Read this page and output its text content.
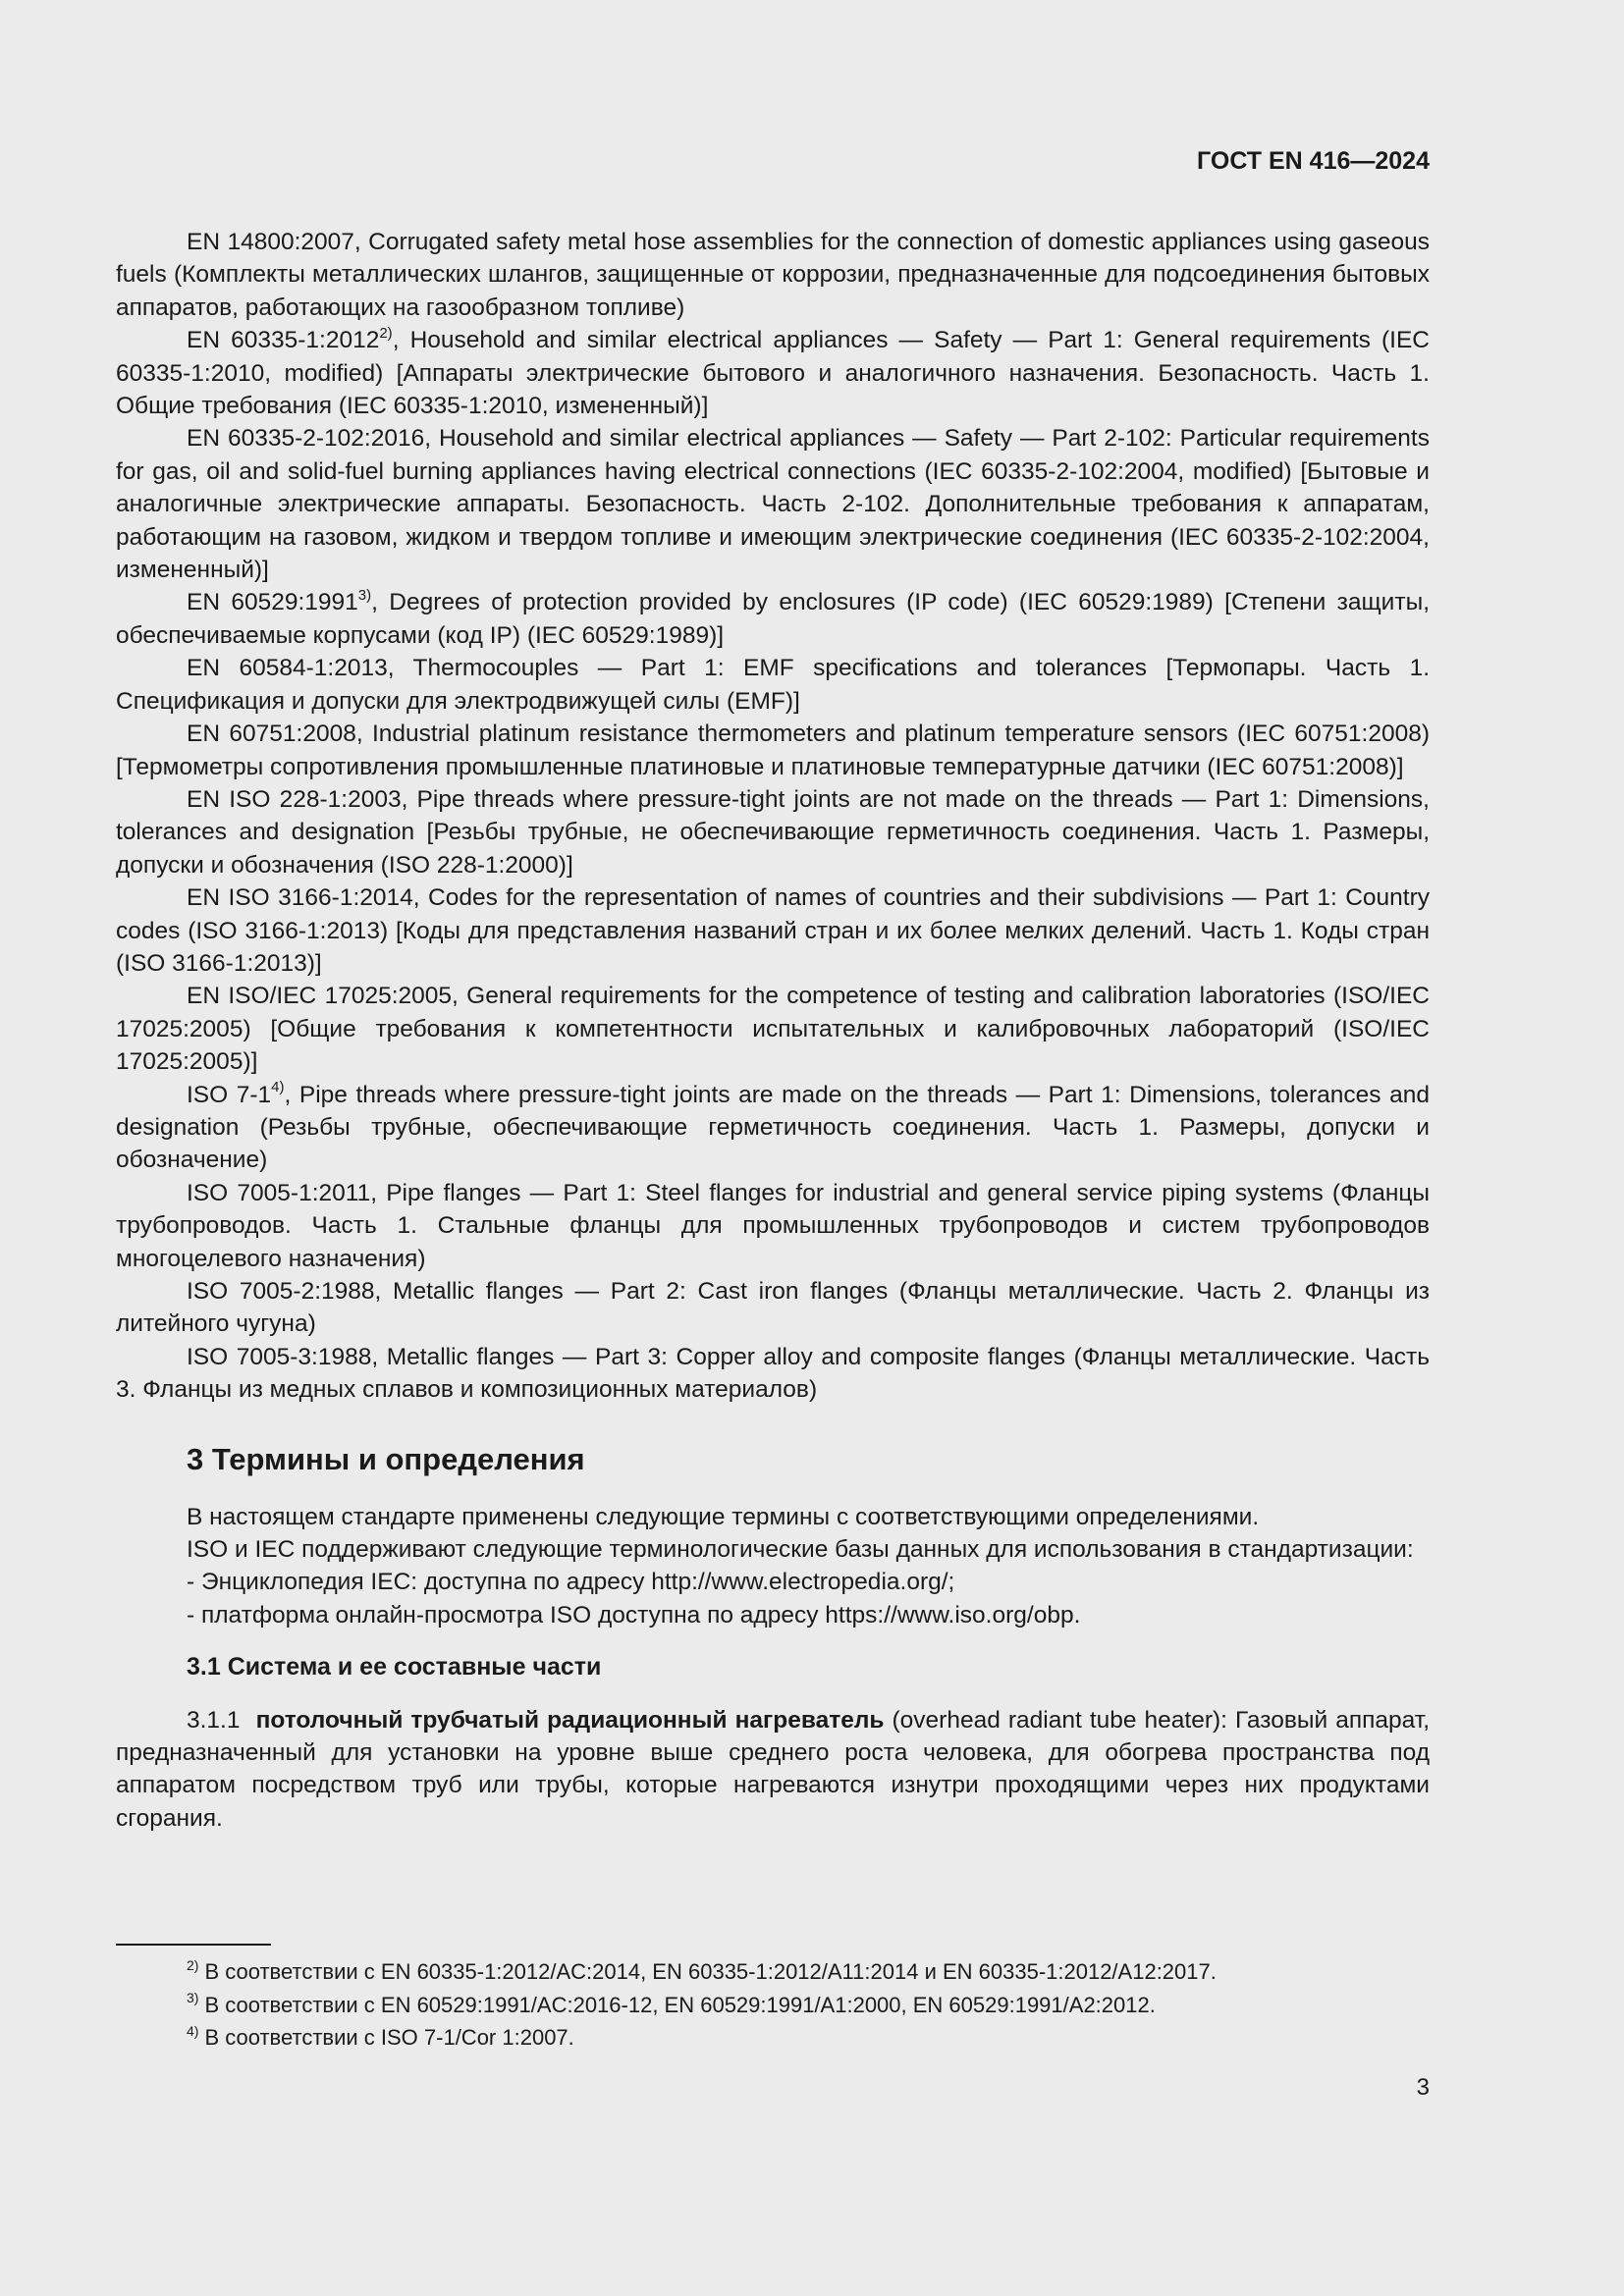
ГОСТ EN 416—2024

EN 14800:2007, Corrugated safety metal hose assemblies for the connection of domestic appliances using gaseous fuels (Комплекты металлических шлангов, защищенные от коррозии, предназначенные для подсоединения бытовых аппаратов, работающих на газообразном топливе)

EN 60335-1:2012$^{2)}$, Household and similar electrical appliances — Safety — Part 1: General requirements (IEC 60335-1:2010, modified) [Аппараты электрические бытового и аналогичного назначения. Безопасность. Часть 1. Общие требования (IEC 60335-1:2010, измененный)]

EN 60335-2-102:2016, Household and similar electrical appliances — Safety — Part 2-102: Particular requirements for gas, oil and solid-fuel burning appliances having electrical connections (IEC 60335-2-102:2004, modified) [Бытовые и аналогичные электрические аппараты. Безопасность. Часть 2-102. Дополнительные требования к аппаратам, работающим на газовом, жидком и твердом топливе и имеющим электрические соединения (IEC 60335-2-102:2004, измененный)]

EN 60529:1991$^{3)}$, Degrees of protection provided by enclosures (IP code) (IEC 60529:1989) [Степени защиты, обеспечиваемые корпусами (код IP) (IEC 60529:1989)]

EN 60584-1:2013, Thermocouples — Part 1: EMF specifications and tolerances [Термопары. Часть 1. Спецификация и допуски для электродвижущей силы (EMF)]

EN 60751:2008, Industrial platinum resistance thermometers and platinum temperature sensors (IEC 60751:2008) [Термометры сопротивления промышленные платиновые и платиновые температурные датчики (IEC 60751:2008)]

EN ISO 228-1:2003, Pipe threads where pressure-tight joints are not made on the threads — Part 1: Dimensions, tolerances and designation [Резьбы трубные, не обеспечивающие герметичность соединения. Часть 1. Размеры, допуски и обозначения (ISO 228-1:2000)]

EN ISO 3166-1:2014, Codes for the representation of names of countries and their subdivisions — Part 1: Country codes (ISO 3166-1:2013) [Коды для представления названий стран и их более мелких делений. Часть 1. Коды стран (ISO 3166-1:2013)]

EN ISO/IEC 17025:2005, General requirements for the competence of testing and calibration laboratories (ISO/IEC 17025:2005) [Общие требования к компетентности испытательных и калибровочных лабораторий (ISO/IEC 17025:2005)]

ISO 7-1$^{4)}$, Pipe threads where pressure-tight joints are made on the threads — Part 1: Dimensions, tolerances and designation (Резьбы трубные, обеспечивающие герметичность соединения. Часть 1. Размеры, допуски и обозначение)

ISO 7005-1:2011, Pipe flanges — Part 1: Steel flanges for industrial and general service piping systems (Фланцы трубопроводов. Часть 1. Стальные фланцы для промышленных трубопроводов и систем трубопроводов многоцелевого назначения)

ISO 7005-2:1988, Metallic flanges — Part 2: Cast iron flanges (Фланцы металлические. Часть 2. Фланцы из литейного чугуна)

ISO 7005-3:1988, Metallic flanges — Part 3: Copper alloy and composite flanges (Фланцы металлические. Часть 3. Фланцы из медных сплавов и композиционных материалов)

3 Термины и определения

В настоящем стандарте применены следующие термины с соответствующими определениями.

ISO и IEC поддерживают следующие терминологические базы данных для использования в стандартизации:

- Энциклопедия IEC: доступна по адресу http://www.electropedia.org/;

- платформа онлайн-просмотра ISO доступна по адресу https://www.iso.org/obp.

3.1 Система и ее составные части

3.1.1 потолочный трубчатый радиационный нагреватель (overhead radiant tube heater): Газовый аппарат, предназначенный для установки на уровне выше среднего роста человека, для обогрева пространства под аппаратом посредством труб или трубы, которые нагреваются изнутри проходящими через них продуктами сгорания.

$^{2)}$ В соответствии с EN 60335-1:2012/AC:2014, EN 60335-1:2012/A11:2014 и EN 60335-1:2012/A12:2017.

$^{3)}$ В соответствии с EN 60529:1991/AC:2016-12, EN 60529:1991/A1:2000, EN 60529:1991/A2:2012.

$^{4)}$ В соответствии с ISO 7-1/Cor 1:2007.

3
